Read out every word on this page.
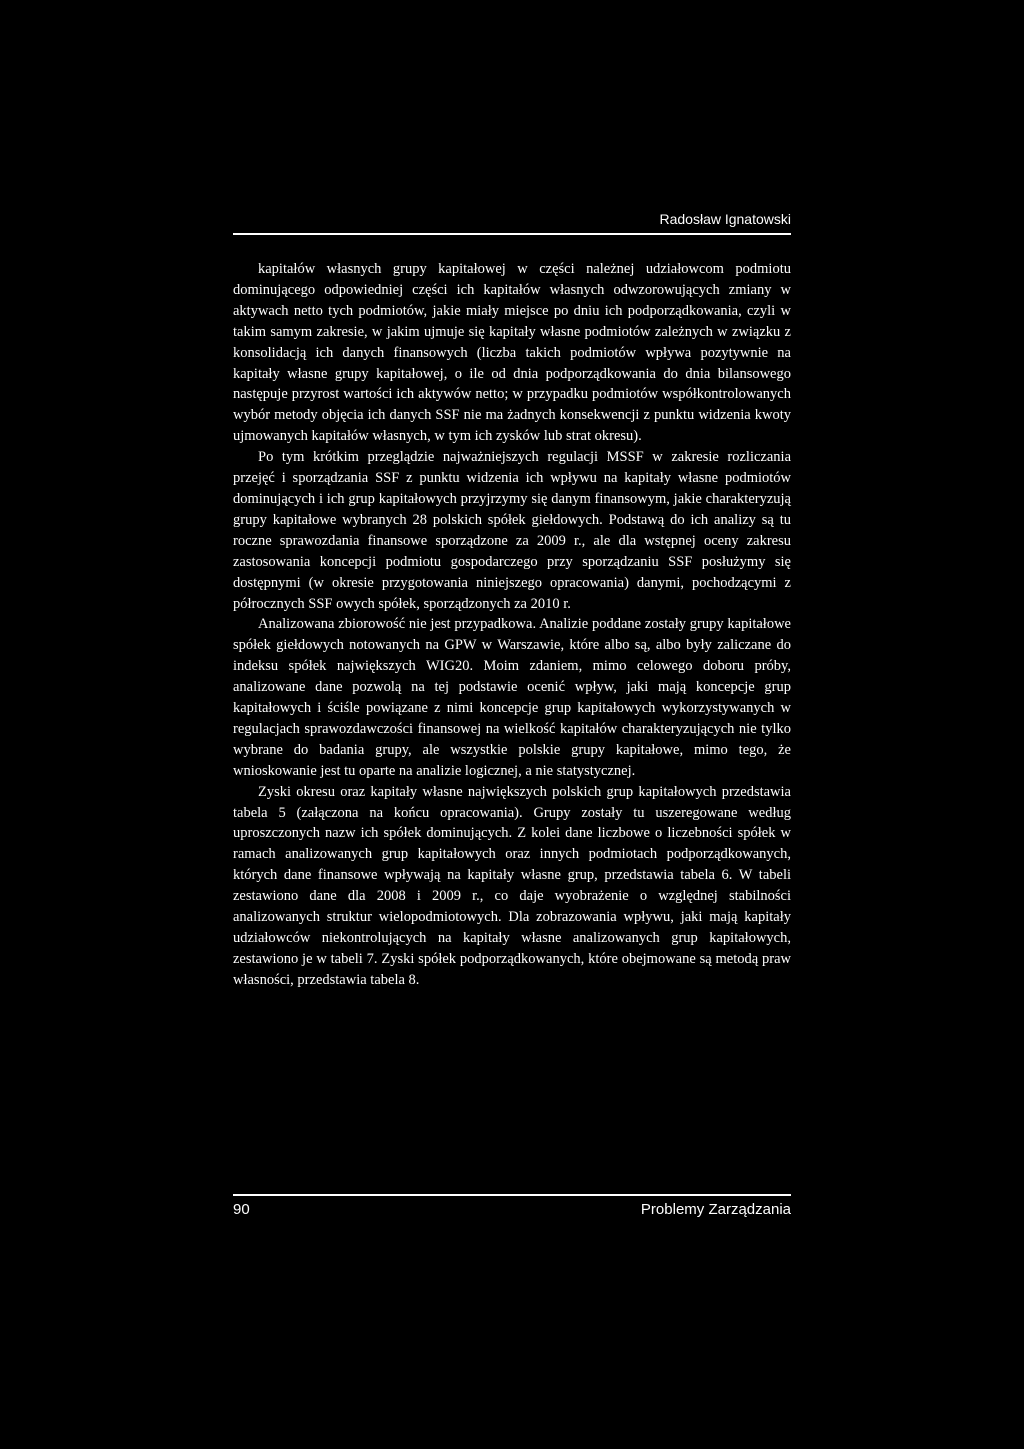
Radosław Ignatowski

kapitałów własnych grupy kapitałowej w części należnej udziałowcom podmiotu dominującego odpowiedniej części ich kapitałów własnych odwzorowujących zmiany w aktywach netto tych podmiotów, jakie miały miejsce po dniu ich podporządkowania, czyli w takim samym zakresie, w jakim ujmuje się kapitały własne podmiotów zależnych w związku z konsolidacją ich danych finansowych (liczba takich podmiotów wpływa pozytywnie na kapitały własne grupy kapitałowej, o ile od dnia podporządkowania do dnia bilansowego następuje przyrost wartości ich aktywów netto; w przypadku podmiotów współkontrolowanych wybór metody objęcia ich danych SSF nie ma żadnych konsekwencji z punktu widzenia kwoty ujmowanych kapitałów własnych, w tym ich zysków lub strat okresu).

Po tym krótkim przeglądzie najważniejszych regulacji MSSF w zakresie rozliczania przejęć i sporządzania SSF z punktu widzenia ich wpływu na kapitały własne podmiotów dominujących i ich grup kapitałowych przyjrzymy się danym finansowym, jakie charakteryzują grupy kapitałowe wybranych 28 polskich spółek giełdowych. Podstawą do ich analizy są tu roczne sprawozdania finansowe sporządzone za 2009 r., ale dla wstępnej oceny zakresu zastosowania koncepcji podmiotu gospodarczego przy sporządzaniu SSF posłużymy się dostępnymi (w okresie przygotowania niniejszego opracowania) danymi, pochodzącymi z półrocznych SSF owych spółek, sporządzonych za 2010 r.

Analizowana zbiorowość nie jest przypadkowa. Analizie poddane zostały grupy kapitałowe spółek giełdowych notowanych na GPW w Warszawie, które albo są, albo były zaliczane do indeksu spółek największych WIG20. Moim zdaniem, mimo celowego doboru próby, analizowane dane pozwolą na tej podstawie ocenić wpływ, jaki mają koncepcje grup kapitałowych i ściśle powiązane z nimi koncepcje grup kapitałowych wykorzystywanych w regulacjach sprawozdawczości finansowej na wielkość kapitałów charakteryzujących nie tylko wybrane do badania grupy, ale wszystkie polskie grupy kapitałowe, mimo tego, że wnioskowanie jest tu oparte na analizie logicznej, a nie statystycznej.

Zyski okresu oraz kapitały własne największych polskich grup kapitałowych przedstawia tabela 5 (załączona na końcu opracowania). Grupy zostały tu uszeregowane według uproszczonych nazw ich spółek dominujących. Z kolei dane liczbowe o liczebności spółek w ramach analizowanych grup kapitałowych oraz innych podmiotach podporządkowanych, których dane finansowe wpływają na kapitały własne grup, przedstawia tabela 6. W tabeli zestawiono dane dla 2008 i 2009 r., co daje wyobrażenie o względnej stabilności analizowanych struktur wielopodmiotowych. Dla zobrazowania wpływu, jaki mają kapitały udziałowców niekontrolujących na kapitały własne analizowanych grup kapitałowych, zestawiono je w tabeli 7. Zyski spółek podporządkowanych, które obejmowane są metodą praw własności, przedstawia tabela 8.

90	Problemy Zarządzania
